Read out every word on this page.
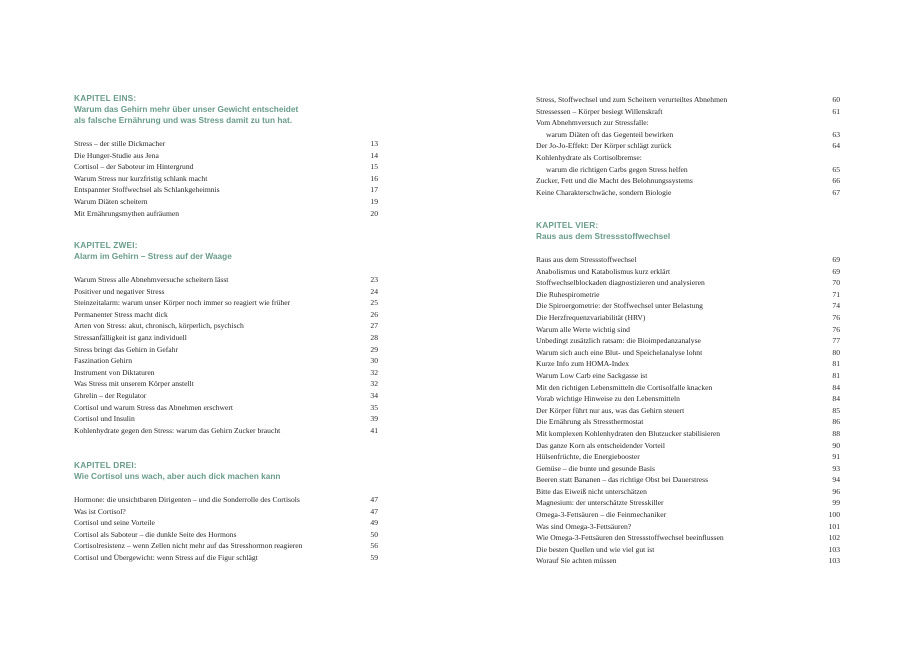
KAPITEL EINS:
Warum das Gehirn mehr über unser Gewicht entscheidet
als falsche Ernährung und was Stress damit zu tun hat.
Stress – der stille Dickmacher	13
Die Hunger-Studie aus Jena	14
Cortisol – der Saboteur im Hintergrund	15
Warum Stress nur kurzfristig schlank macht	16
Entspannter Stoffwechsel als Schlankgeheimnis	17
Warum Diäten scheitern	19
Mit Ernährungsmythen aufräumen	20
KAPITEL ZWEI:
Alarm im Gehirn – Stress auf der Waage
Warum Stress alle Abnehmversuche scheitern lässt	23
Positiver und negativer Stress	24
Steinzeitalarm: warum unser Körper noch immer so reagiert wie früher	25
Permanenter Stress macht dick	26
Arten von Stress: akut, chronisch, körperlich, psychisch	27
Stressanfälligkeit ist ganz individuell	28
Stress bringt das Gehirn in Gefahr	29
Faszination Gehirn	30
Instrument von Diktaturen	32
Was Stress mit unserem Körper anstellt	32
Ghrelin – der Regulator	34
Cortisol und warum Stress das Abnehmen erschwert	35
Cortisol und Insulin	39
Kohlenhydrate gegen den Stress: warum das Gehirn Zucker braucht	41
KAPITEL DREI:
Wie Cortisol uns wach, aber auch dick machen kann
Hormone: die unsichtbaren Dirigenten – und die Sonderrolle des Cortisols	47
Was ist Cortisol?	47
Cortisol und seine Vorteile	49
Cortisol als Saboteur – die dunkle Seite des Hormons	50
Cortisolresistenz – wenn Zellen nicht mehr auf das Stresshormon reagieren	56
Cortisol und Übergewicht: wenn Stress auf die Figur schlägt	59
Stress, Stoffwechsel und zum Scheitern verurteiltes Abnehmen	60
Stressessen – Körper besiegt Willenskraft	61
Vom Abnehmversuch zur Stressfalle:
warum Diäten oft das Gegenteil bewirken	63
Der Jo-Jo-Effekt: Der Körper schlägt zurück	64
Kohlenhydrate als Cortisolbremse:
warum die richtigen Carbs gegen Stress helfen	65
Zucker, Fett und die Macht des Belohnungssystems	66
Keine Charakterschwäche, sondern Biologie	67
KAPITEL VIER:
Raus aus dem Stressstoffwechsel
Raus aus dem Stressstoffwechsel	69
Anabolismus und Katabolismus kurz erklärt	69
Stoffwechselblockaden diagnostizieren und analysieren	70
Die Ruhespirometrie	71
Die Spiroergometrie: der Stoffwechsel unter Belastung	74
Die Herzfrequenzvariabilität (HRV)	76
Warum alle Werte wichtig sind	76
Unbedingt zusätzlich ratsam: die Bioimpedanzanalyse	77
Warum sich auch eine Blut- und Speichelanalyse lohnt	80
Kurze Info zum HOMA-Index	81
Warum Low Carb eine Sackgasse ist	81
Mit den richtigen Lebensmitteln die Cortisolfalle knacken	84
Vorab wichtige Hinweise zu den Lebensmitteln	84
Der Körper führt nur aus, was das Gehirn steuert	85
Die Ernährung als Stressthermostat	86
Mit komplexen Kohlenhydraten den Blutzucker stabilisieren	88
Das ganze Korn als entscheidender Vorteil	90
Hülsenfrüchte, die Energiebooster	91
Gemüse – die bunte und gesunde Basis	93
Beeren statt Bananen – das richtige Obst bei Dauerstress	94
Bitte das Eiweiß nicht unterschätzen	96
Magnesium: der unterschätzte Stresskiller	99
Omega-3-Fettsäuren – die Feinmechaniker	100
Was sind Omega-3-Fettsäuren?	101
Wie Omega-3-Fettsäuren den Stressstoffwechsel beeinflussen	102
Die besten Quellen und wie viel gut ist	103
Worauf Sie achten müssen	103
